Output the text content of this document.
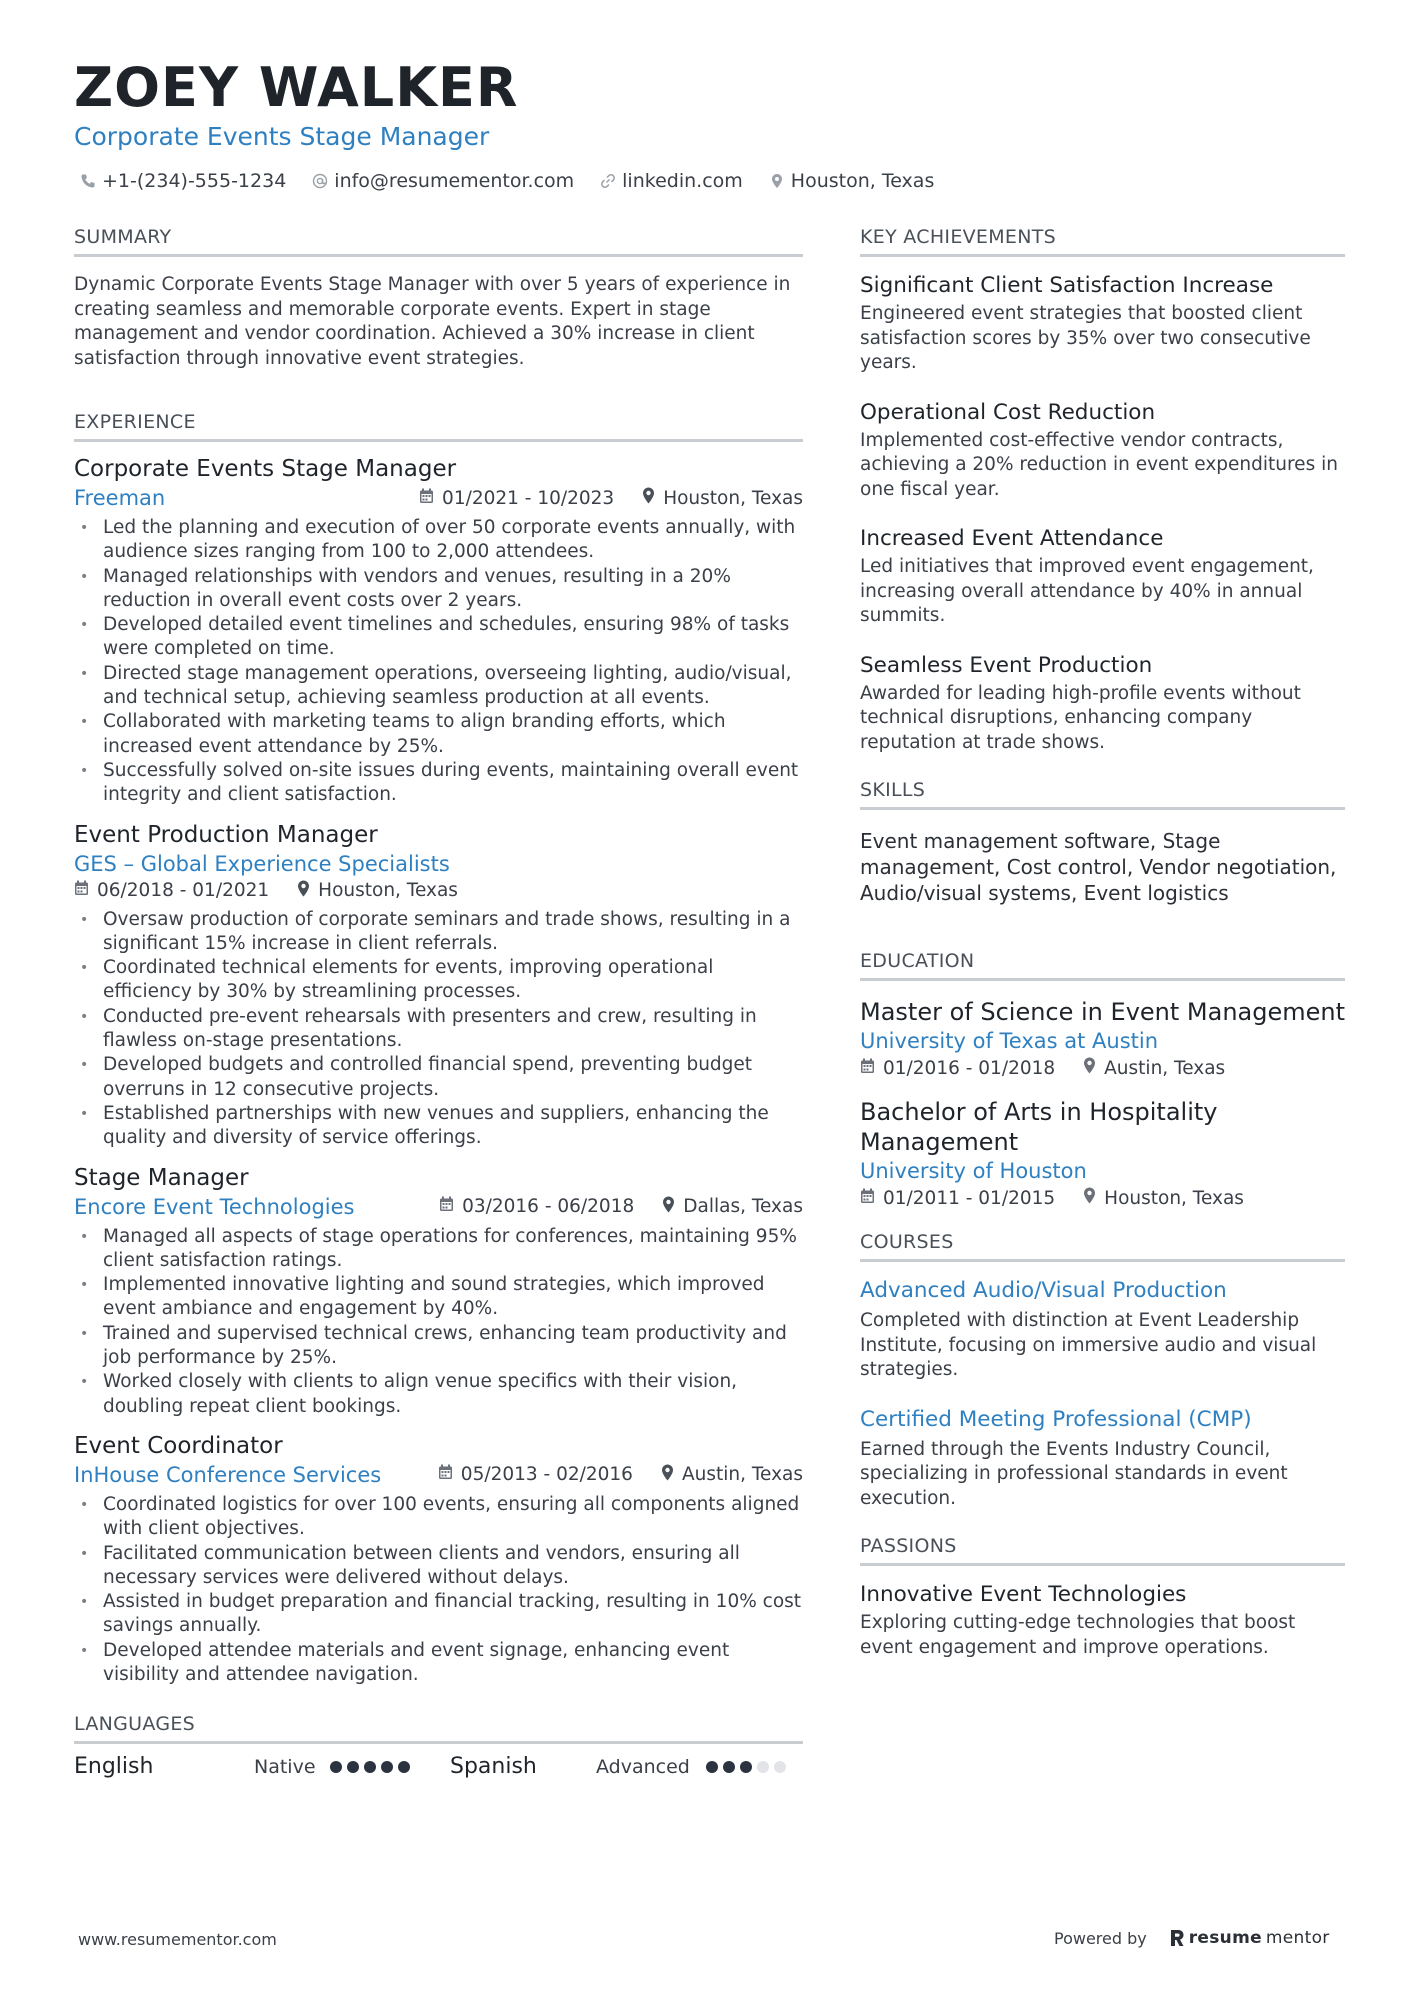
ZOEY WALKER
Corporate Events Stage Manager
+1-(234)-555-1234	info@resumementor.com	linkedin.com	Houston, Texas
SUMMARY
Dynamic Corporate Events Stage Manager with over 5 years of experience in creating seamless and memorable corporate events. Expert in stage management and vendor coordination. Achieved a 30% increase in client satisfaction through innovative event strategies.
EXPERIENCE
Corporate Events Stage Manager
Freeman	01/2021 - 10/2023	Houston, Texas
• Led the planning and execution of over 50 corporate events annually, with audience sizes ranging from 100 to 2,000 attendees.
• Managed relationships with vendors and venues, resulting in a 20% reduction in overall event costs over 2 years.
• Developed detailed event timelines and schedules, ensuring 98% of tasks were completed on time.
• Directed stage management operations, overseeing lighting, audio/visual, and technical setup, achieving seamless production at all events.
• Collaborated with marketing teams to align branding efforts, which increased event attendance by 25%.
• Successfully solved on-site issues during events, maintaining overall event integrity and client satisfaction.
Event Production Manager
GES – Global Experience Specialists
06/2018 - 01/2021	Houston, Texas
• Oversaw production of corporate seminars and trade shows, resulting in a significant 15% increase in client referrals.
• Coordinated technical elements for events, improving operational efficiency by 30% by streamlining processes.
• Conducted pre-event rehearsals with presenters and crew, resulting in flawless on-stage presentations.
• Developed budgets and controlled financial spend, preventing budget overruns in 12 consecutive projects.
• Established partnerships with new venues and suppliers, enhancing the quality and diversity of service offerings.
Stage Manager
Encore Event Technologies	03/2016 - 06/2018	Dallas, Texas
• Managed all aspects of stage operations for conferences, maintaining 95% client satisfaction ratings.
• Implemented innovative lighting and sound strategies, which improved event ambiance and engagement by 40%.
• Trained and supervised technical crews, enhancing team productivity and job performance by 25%.
• Worked closely with clients to align venue specifics with their vision, doubling repeat client bookings.
Event Coordinator
InHouse Conference Services	05/2013 - 02/2016	Austin, Texas
• Coordinated logistics for over 100 events, ensuring all components aligned with client objectives.
• Facilitated communication between clients and vendors, ensuring all necessary services were delivered without delays.
• Assisted in budget preparation and financial tracking, resulting in 10% cost savings annually.
• Developed attendee materials and event signage, enhancing event visibility and attendee navigation.
LANGUAGES
English	Native	Spanish	Advanced
KEY ACHIEVEMENTS
Significant Client Satisfaction Increase
Engineered event strategies that boosted client satisfaction scores by 35% over two consecutive years.
Operational Cost Reduction
Implemented cost-effective vendor contracts, achieving a 20% reduction in event expenditures in one fiscal year.
Increased Event Attendance
Led initiatives that improved event engagement, increasing overall attendance by 40% in annual summits.
Seamless Event Production
Awarded for leading high-profile events without technical disruptions, enhancing company reputation at trade shows.
SKILLS
Event management software, Stage management, Cost control, Vendor negotiation, Audio/visual systems, Event logistics
EDUCATION
Master of Science in Event Management
University of Texas at Austin
01/2016 - 01/2018	Austin, Texas
Bachelor of Arts in Hospitality Management
University of Houston
01/2011 - 01/2015	Houston, Texas
COURSES
Advanced Audio/Visual Production
Completed with distinction at Event Leadership Institute, focusing on immersive audio and visual strategies.
Certified Meeting Professional (CMP)
Earned through the Events Industry Council, specializing in professional standards in event execution.
PASSIONS
Innovative Event Technologies
Exploring cutting-edge technologies that boost event engagement and improve operations.
www.resumementor.com	Powered by resume mentor
